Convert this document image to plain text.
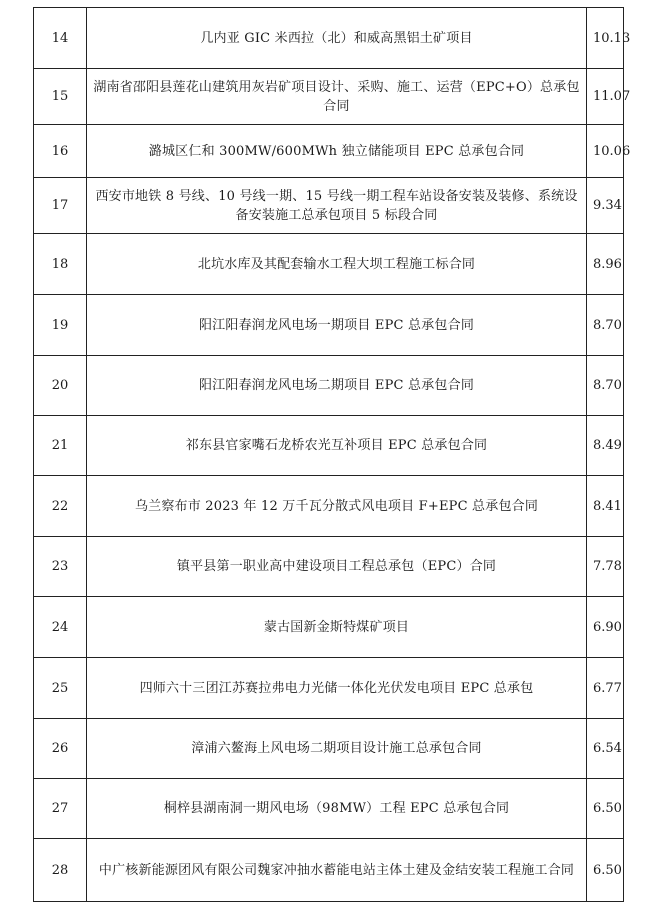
14	几内亚 GIC 米西拉（北）和威高黑铝土矿项目	10.13
15	湖南省邵阳县莲花山建筑用灰岩矿项目设计、采购、施工、运营（EPC+O）总承包合同	11.07
16	潞城区仁和 300MW/600MWh 独立储能项目 EPC 总承包合同	10.06
17	西安市地铁 8 号线、10 号线一期、15 号线一期工程车站设备安装及装修、系统设备安装施工总承包项目 5 标段合同	9.34
18	北坑水库及其配套输水工程大坝工程施工标合同	8.96
19	阳江阳春润龙风电场一期项目 EPC 总承包合同	8.70
20	阳江阳春润龙风电场二期项目 EPC 总承包合同	8.70
21	祁东县官家嘴石龙桥农光互补项目 EPC 总承包合同	8.49
22	乌兰察布市 2023 年 12 万千瓦分散式风电项目 F+EPC 总承包合同	8.41
23	镇平县第一职业高中建设项目工程总承包（EPC）合同	7.78
24	蒙古国新金斯特煤矿项目	6.90
25	四师六十三团江苏赛拉弗电力光储一体化光伏发电项目 EPC 总承包	6.77
26	漳浦六鳌海上风电场二期项目设计施工总承包合同	6.54
27	桐梓县湖南洞一期风电场（98MW）工程 EPC 总承包合同	6.50
28	中广核新能源团风有限公司魏家冲抽水蓄能电站主体土建及金结安装工程施工合同	6.50
